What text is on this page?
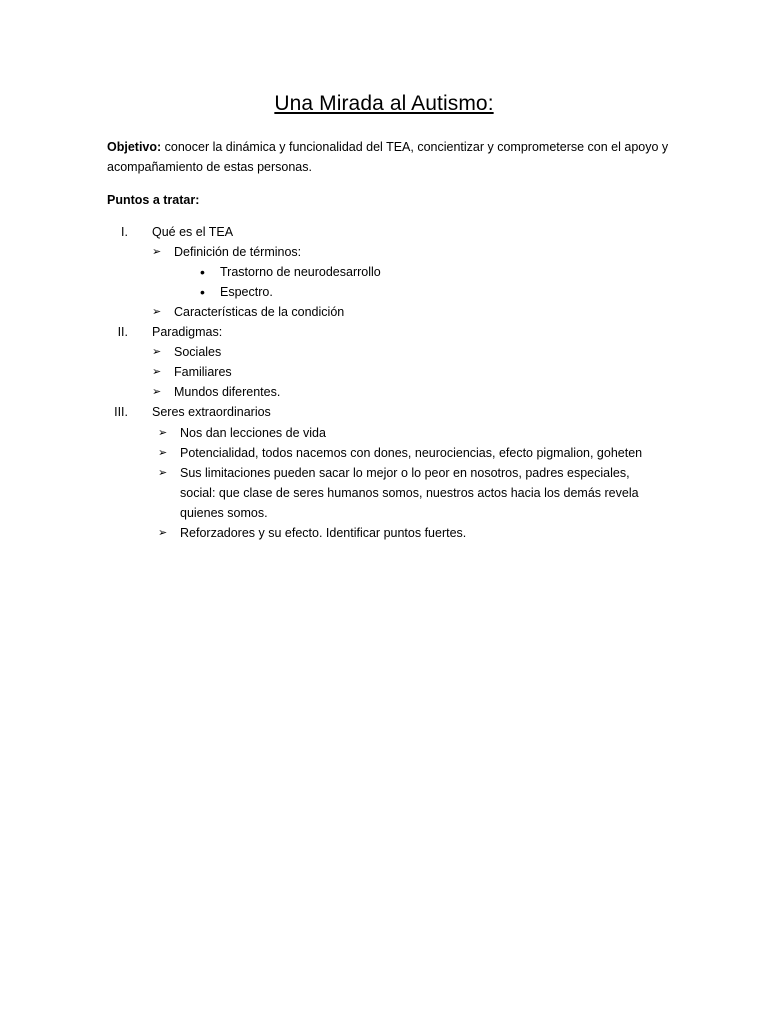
Una Mirada al Autismo:
Objetivo: conocer la dinámica y funcionalidad del TEA, concientizar y comprometerse con el apoyo y acompañamiento de estas personas.
Puntos a tratar:
I. Qué es el TEA
➢ Definición de términos:
• Trastorno de neurodesarrollo
• Espectro.
➢ Características de la condición
II. Paradigmas:
➢ Sociales
➢ Familiares
➢ Mundos diferentes.
III. Seres extraordinarios
➢ Nos dan lecciones de vida
➢ Potencialidad, todos nacemos con dones, neurociencias, efecto pigmalion, goheten
➢ Sus limitaciones pueden sacar lo mejor o lo peor en nosotros, padres especiales, social: que clase de seres humanos somos, nuestros actos hacia los demás revela quienes somos.
➢ Reforzadores y su efecto. Identificar puntos fuertes.
